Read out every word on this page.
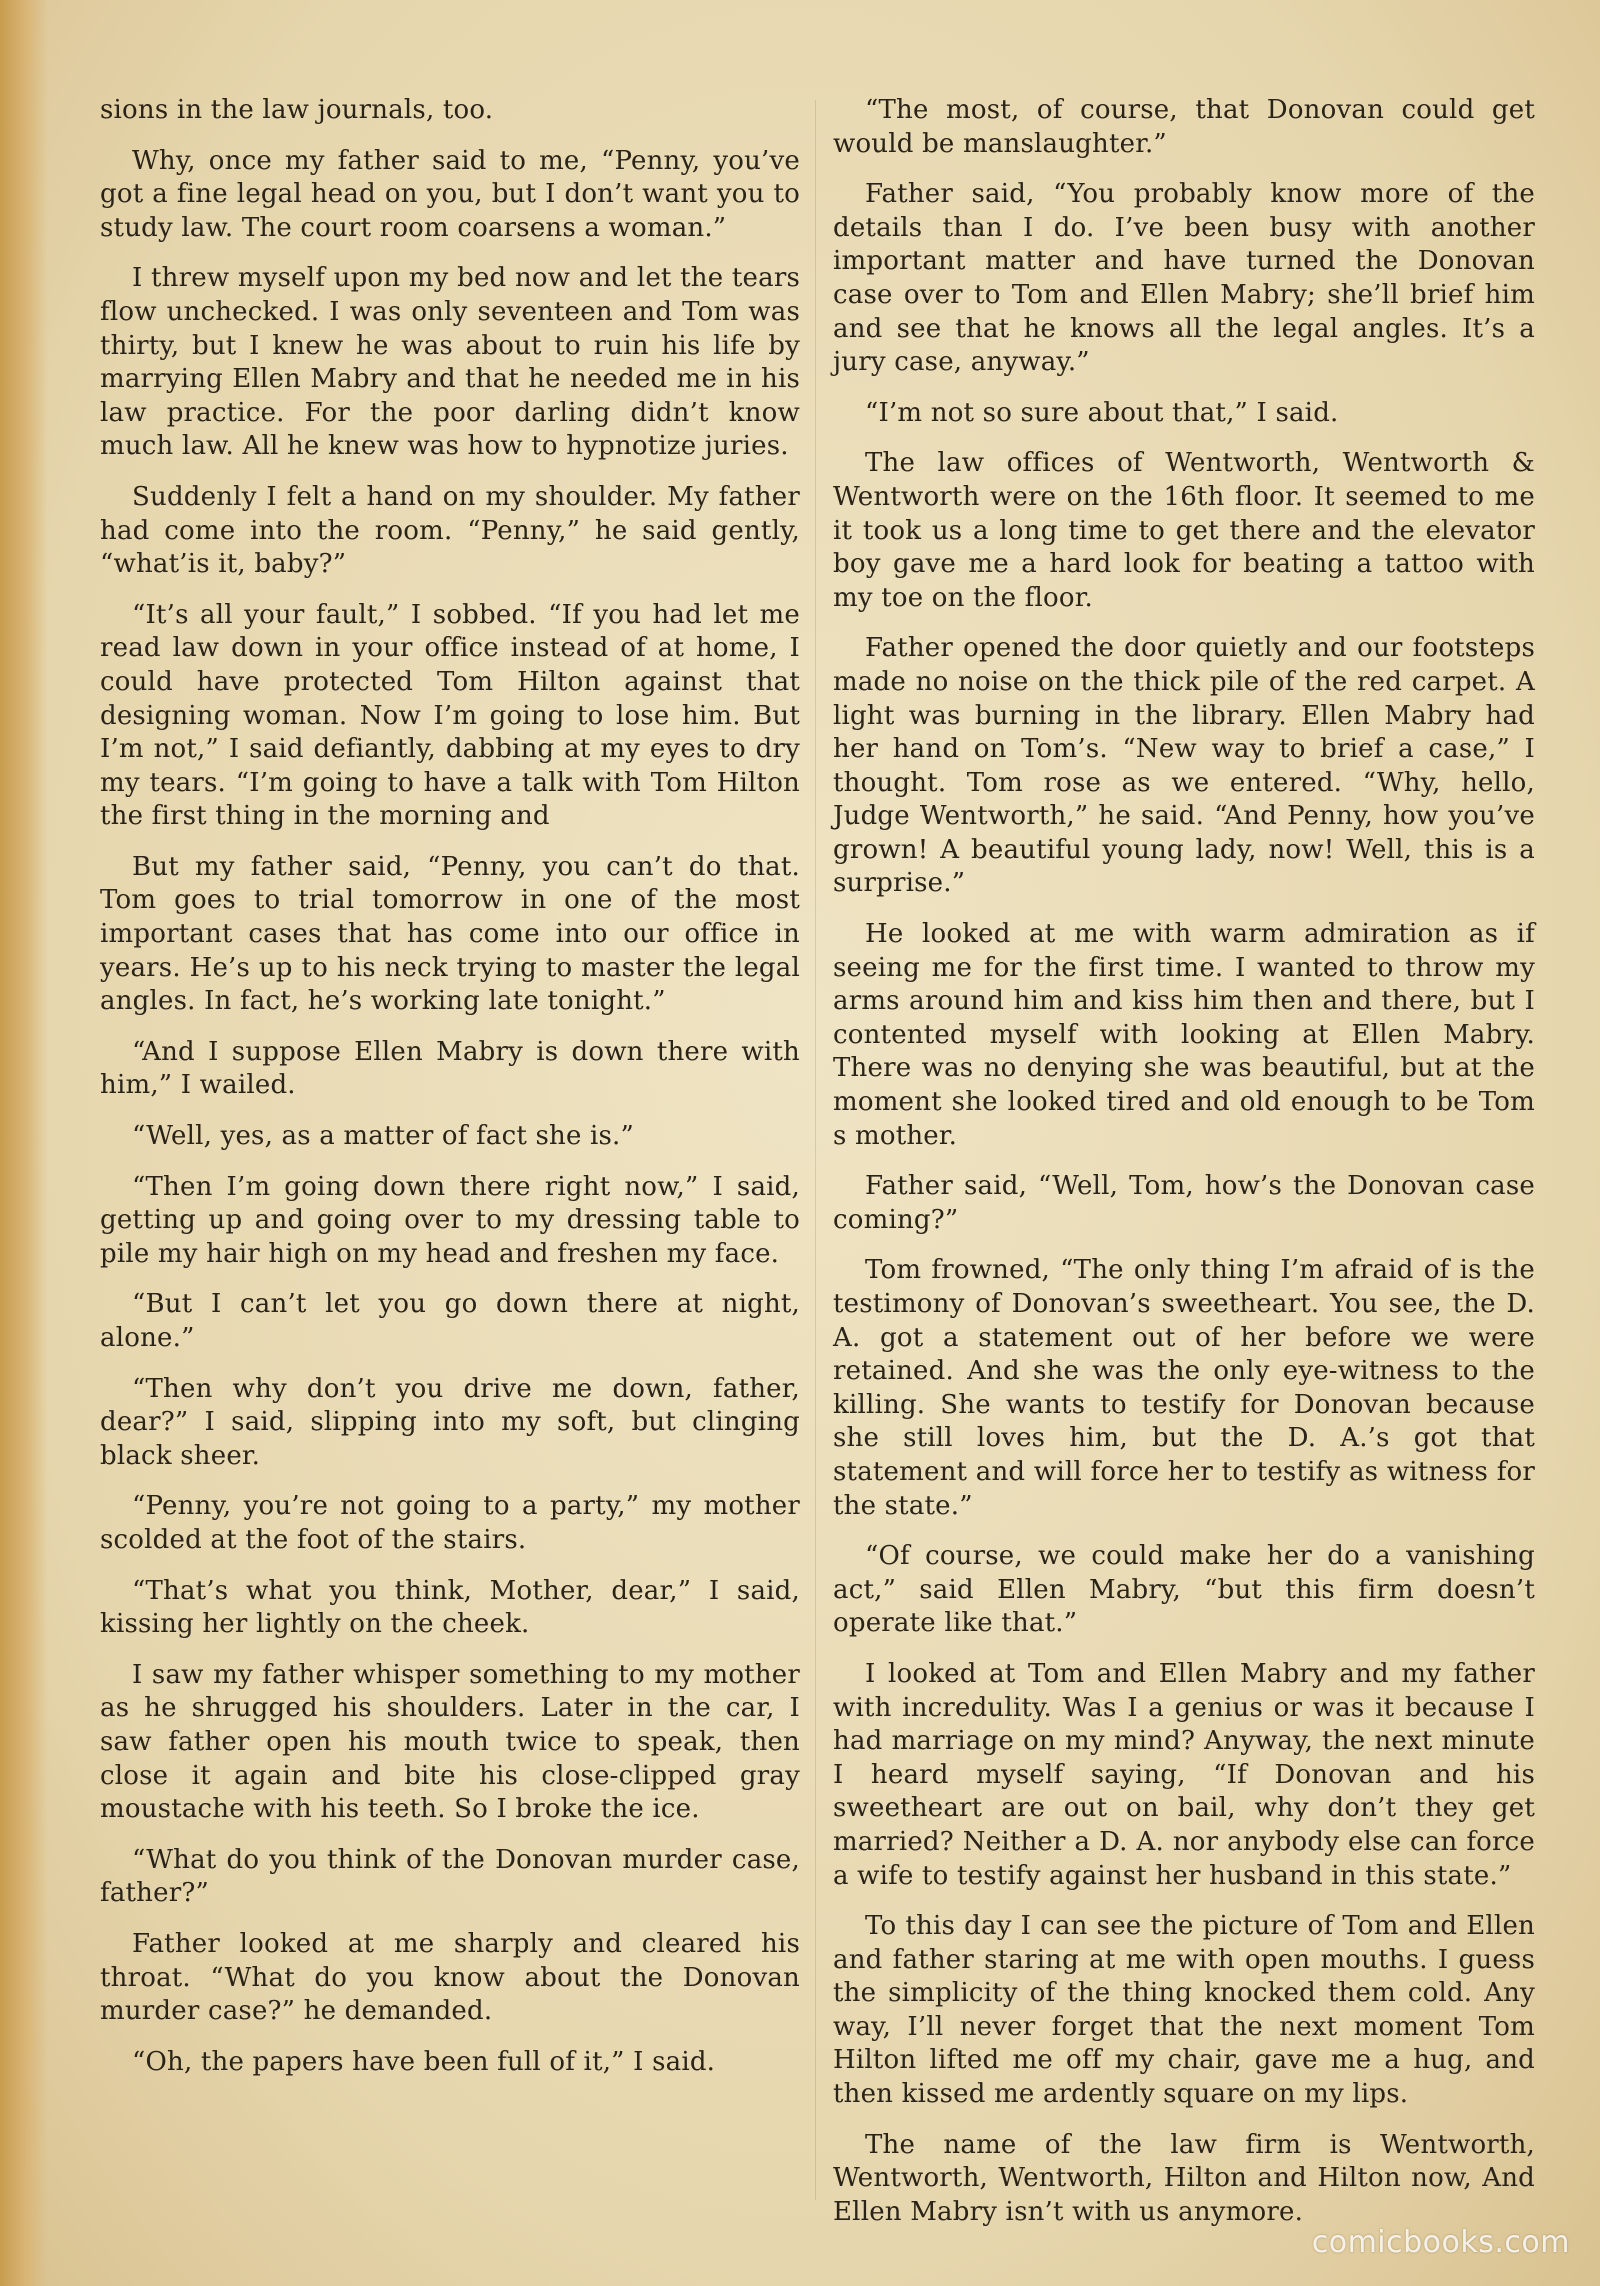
sions in the law journals, too.

Why, once my father said to me, “Penny, you’ve got a fine legal head on you, but I don’t want you to study law. The court room coarsens a woman.”

I threw myself upon my bed now and let the tears flow unchecked. I was only seventeen and Tom was thirty, but I knew he was about to ruin his life by marrying Ellen Mabry and that he needed me in his law practice. For the poor darling didn’t know much law. All he knew was how to hypnotize juries.

Suddenly I felt a hand on my shoulder. My father had come into the room. “Penny,” he said gently, “what’is it, baby?”

“It’s all your fault,” I sobbed. “If you had let me read law down in your office instead of at home, I could have protected Tom Hilton against that designing woman. Now I’m going to lose him. But I’m not,” I said defiantly, dabbing at my eyes to dry my tears. “I’m going to have a talk with Tom Hilton the first thing in the morning and

But my father said, “Penny, you can’t do that. Tom goes to trial tomorrow in one of the most important cases that has come into our office in years. He’s up to his neck trying to master the legal angles. In fact, he’s working late tonight.”

“And I suppose Ellen Mabry is down there with him,” I wailed.

“Well, yes, as a matter of fact she is.”

“Then I’m going down there right now,” I said, getting up and going over to my dressing table to pile my hair high on my head and freshen my face.

“But I can’t let you go down there at night, alone.”

“Then why don’t you drive me down, father, dear?” I said, slipping into my soft, but clinging black sheer.

“Penny, you’re not going to a party,” my mother scolded at the foot of the stairs.

“That’s what you think, Mother, dear,” I said, kissing her lightly on the cheek.

I saw my father whisper something to my mother as he shrugged his shoulders. Later in the car, I saw father open his mouth twice to speak, then close it again and bite his close-clipped gray moustache with his teeth. So I broke the ice.

“What do you think of the Donovan murder case, father?”

Father looked at me sharply and cleared his throat. “What do you know about the Donovan murder case?” he demanded.

“Oh, the papers have been full of it,” I said.

“The most, of course, that Donovan could get would be manslaughter.”

Father said, “You probably know more of the details than I do. I’ve been busy with another important matter and have turned the Donovan case over to Tom and Ellen Mabry; she’ll brief him and see that he knows all the legal angles. It’s a jury case, anyway.”

“I’m not so sure about that,” I said.

The law offices of Wentworth, Wentworth & Wentworth were on the 16th floor. It seemed to me it took us a long time to get there and the elevator boy gave me a hard look for beating a tattoo with my toe on the floor.

Father opened the door quietly and our footsteps made no noise on the thick pile of the red carpet. A light was burning in the library. Ellen Mabry had her hand on Tom’s. “New way to brief a case,” I thought. Tom rose as we entered. “Why, hello, Judge Wentworth,” he said. “And Penny, how you’ve grown! A beautiful young lady, now! Well, this is a surprise.”

He looked at me with warm admiration as if seeing me for the first time. I wanted to throw my arms around him and kiss him then and there, but I contented myself with looking at Ellen Mabry. There was no denying she was beautiful, but at the moment she looked tired and old enough to be Tom s mother.

Father said, “Well, Tom, how’s the Donovan case coming?”

Tom frowned, “The only thing I’m afraid of is the testimony of Donovan’s sweetheart. You see, the D. A. got a statement out of her before we were retained. And she was the only eye-witness to the killing. She wants to testify for Donovan because she still loves him, but the D. A.’s got that statement and will force her to testify as witness for the state.”

“Of course, we could make her do a vanishing act,” said Ellen Mabry, “but this firm doesn’t operate like that.”

I looked at Tom and Ellen Mabry and my father with incredulity. Was I a genius or was it because I had marriage on my mind? Anyway, the next minute I heard myself saying, “If Donovan and his sweetheart are out on bail, why don’t they get married? Neither a D. A. nor anybody else can force a wife to testify against her husband in this state.”

To this day I can see the picture of Tom and Ellen and father staring at me with open mouths. I guess the simplicity of the thing knocked them cold. Any way, I’ll never forget that the next moment Tom Hilton lifted me off my chair, gave me a hug, and then kissed me ardently square on my lips.

The name of the law firm is Wentworth, Wentworth, Wentworth, Hilton and Hilton now, And Ellen Mabry isn’t with us anymore.

comicbooks.com
